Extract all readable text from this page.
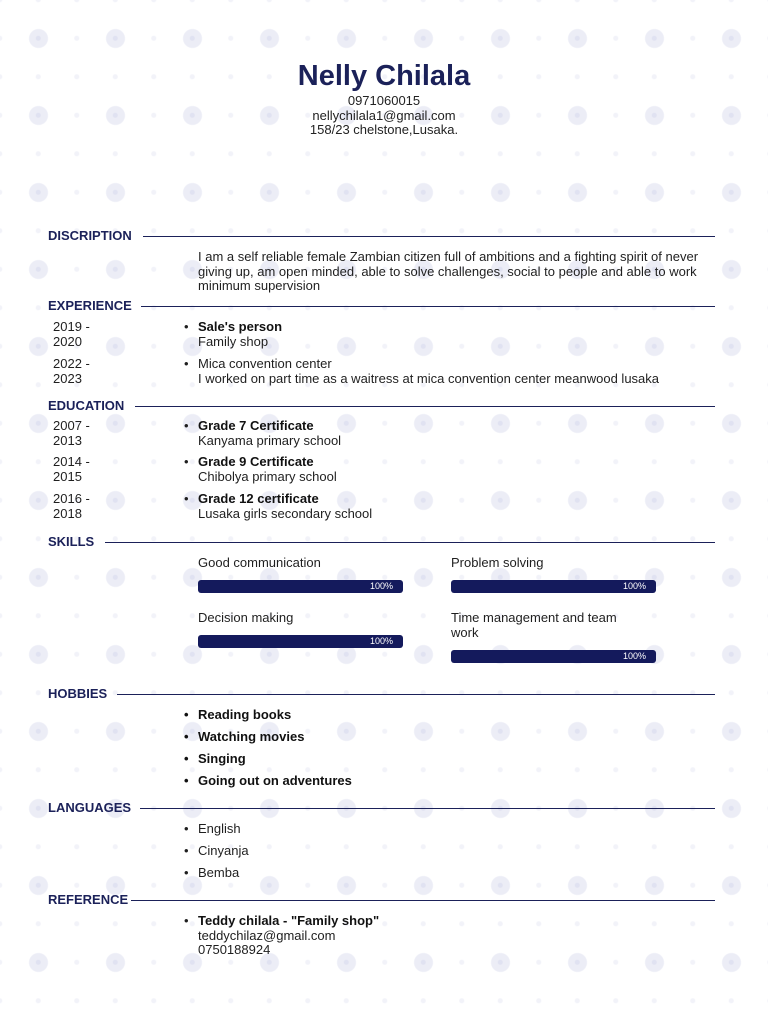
Nelly Chilala
0971060015
nellychilala1@gmail.com
158/23 chelstone,Lusaka.
DISCRIPTION
I am a self reliable female Zambian citizen full of ambitions and a fighting spirit of never giving up, am open minded, able to solve challenges, social to people and able to work minimum supervision
EXPERIENCE
2019 -
2020
• Sale's person
Family shop
2022 -
2023
• Mica convention center
I worked on part time as a waitress at mica convention center meanwood lusaka
EDUCATION
2007 -
2013
• Grade 7 Certificate
Kanyama primary school
2014 -
2015
• Grade 9 Certificate
Chibolya primary school
2016 -
2018
• Grade 12 certificate
Lusaka girls secondary school
SKILLS
Good communication
100%
Problem solving
100%
Decision making
100%
Time management and team work
100%
HOBBIES
• Reading books
• Watching movies
• Singing
• Going out on adventures
LANGUAGES
• English
• Cinyanja
• Bemba
REFERENCE
• Teddy chilala - "Family shop"
teddychilaz@gmail.com
0750188924
